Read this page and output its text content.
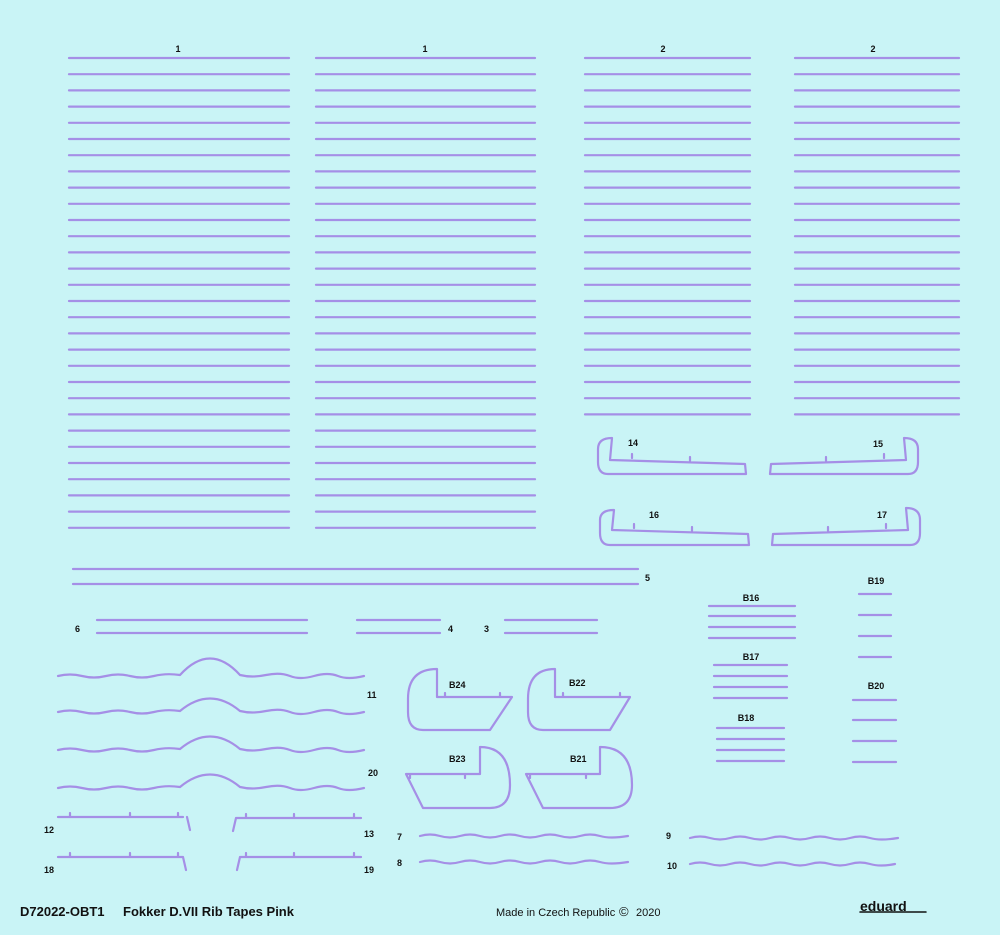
1	1	2	2
5
6	4	3
11
20
12	13
18	19
7
8
9
10
14	15
16	17
B16
B17
B18
B19
B20
B24	B22
B23	B21
D72022-OBT1 Fokker D.VII Rib Tapes Pink	Made in Czech Republic © 2020	eduard
